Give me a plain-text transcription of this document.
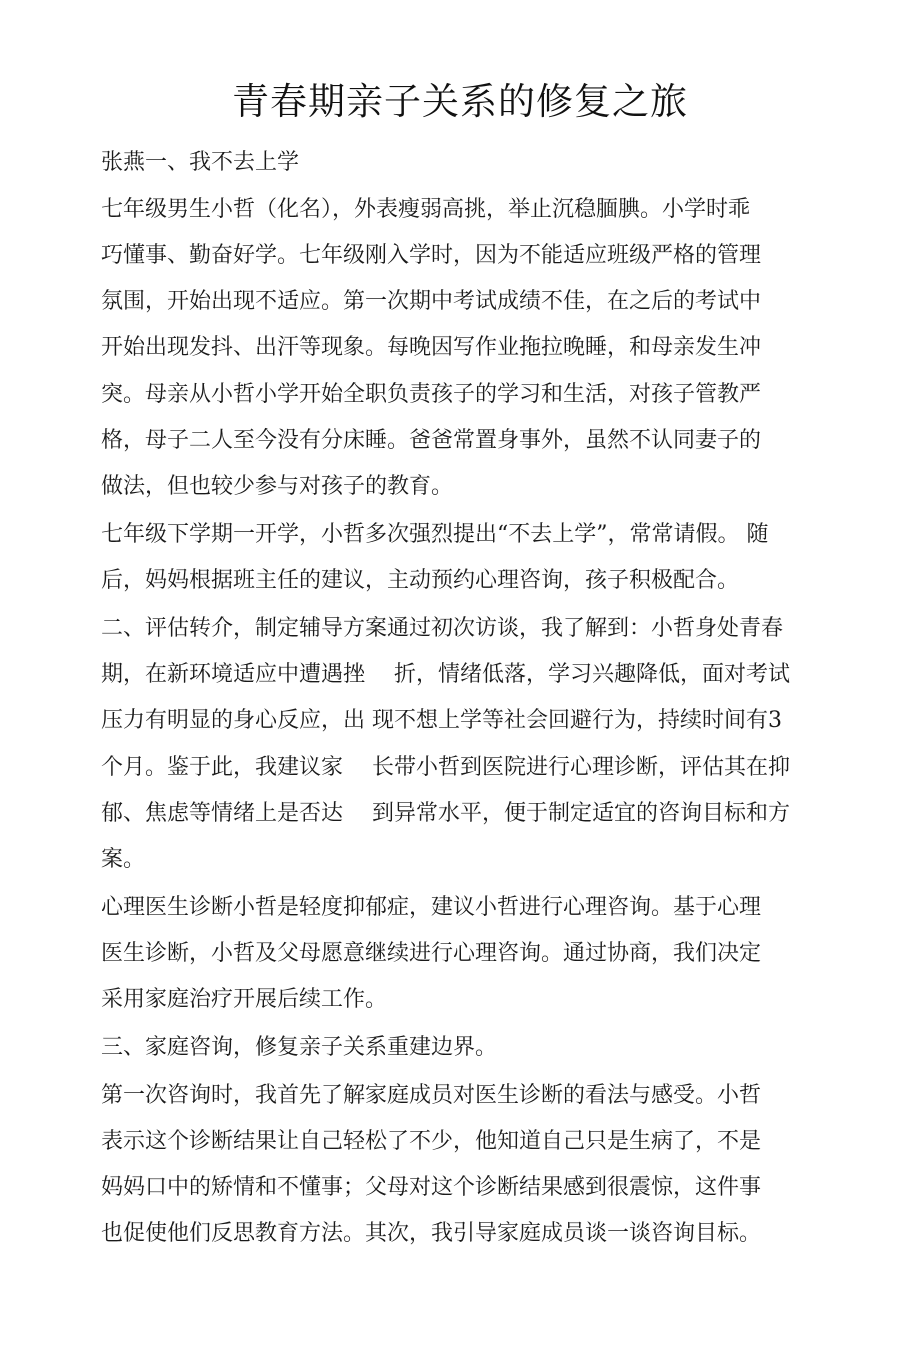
青春期亲子关系的修复之旅
张燕一、我不去上学
七年级男生小哲（化名），外表瘦弱高挑，举止沉稳腼腆。小学时乖
巧懂事、勤奋好学。七年级刚入学时，因为不能适应班级严格的管理
氛围，开始出现不适应。第一次期中考试成绩不佳，在之后的考试中
开始出现发抖、出汗等现象。每晚因写作业拖拉晚睡，和母亲发生冲
突。母亲从小哲小学开始全职负责孩子的学习和生活，对孩子管教严
格，母子二人至今没有分床睡。爸爸常置身事外，虽然不认同妻子的
做法，但也较少参与对孩子的教育。
七年级下学期一开学，小哲多次强烈提出“不去上学”，常常请假。 随
后，妈妈根据班主任的建议，主动预约心理咨询，孩子积极配合。
二、评估转介，制定辅导方案通过初次访谈，我了解到：小哲身处青春
期，在新环境适应中遭遇挫　 折，情绪低落，学习兴趣降低，面对考试
压力有明显的身心反应，出 现不想上学等社会回避行为，持续时间有3
个月。鉴于此，我建议家　 长带小哲到医院进行心理诊断，评估其在抑
郁、焦虑等情绪上是否达　 到异常水平，便于制定适宜的咨询目标和方
案。
心理医生诊断小哲是轻度抑郁症，建议小哲进行心理咨询。基于心理
医生诊断，小哲及父母愿意继续进行心理咨询。通过协商，我们决定
采用家庭治疗开展后续工作。
三、家庭咨询，修复亲子关系重建边界。
第一次咨询时，我首先了解家庭成员对医生诊断的看法与感受。小哲
表示这个诊断结果让自己轻松了不少，他知道自己只是生病了，不是
妈妈口中的矫情和不懂事；父母对这个诊断结果感到很震惊，这件事
也促使他们反思教育方法。其次，我引导家庭成员谈一谈咨询目标。
